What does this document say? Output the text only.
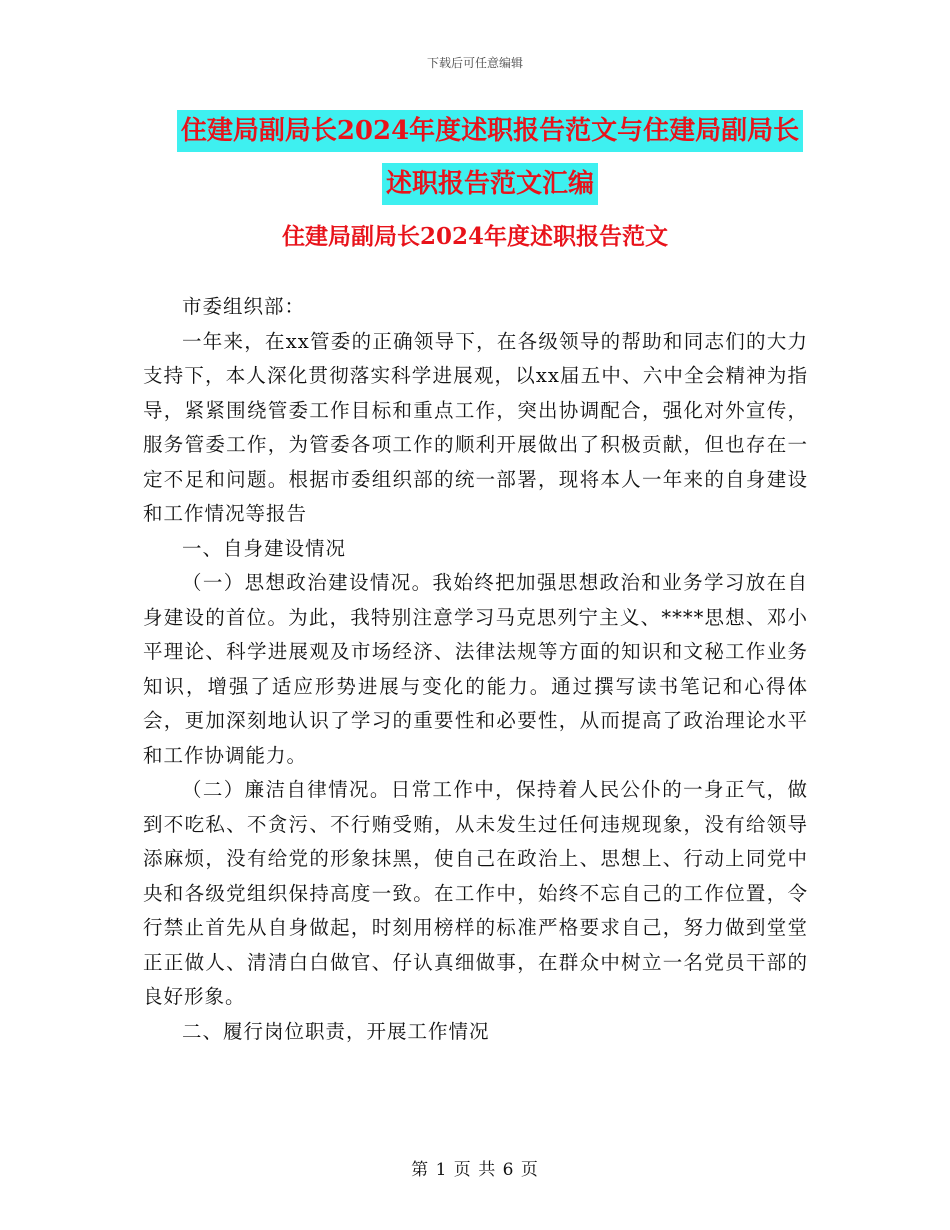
下载后可任意编辑
住建局副局长2024年度述职报告范文与住建局副局长
述职报告范文汇编
住建局副局长2024年度述职报告范文

市委组织部：

一年来，在xx管委的正确领导下，在各级领导的帮助和同志们的大力支持下，本人深化贯彻落实科学进展观，以xx届五中、六中全会精神为指导，紧紧围绕管委工作目标和重点工作，突出协调配合，强化对外宣传，服务管委工作，为管委各项工作的顺利开展做出了积极贡献，但也存在一定不足和问题。根据市委组织部的统一部署，现将本人一年来的自身建设和工作情况等报告

一、自身建设情况

（一）思想政治建设情况。我始终把加强思想政治和业务学习放在自身建设的首位。为此，我特别注意学习马克思列宁主义、****思想、邓小平理论、科学进展观及市场经济、法律法规等方面的知识和文秘工作业务知识，增强了适应形势进展与变化的能力。通过撰写读书笔记和心得体会，更加深刻地认识了学习的重要性和必要性，从而提高了政治理论水平和工作协调能力。

（二）廉洁自律情况。日常工作中，保持着人民公仆的一身正气，做到不吃私、不贪污、不行贿受贿，从未发生过任何违规现象，没有给领导添麻烦，没有给党的形象抹黑，使自己在政治上、思想上、行动上同党中央和各级党组织保持高度一致。在工作中，始终不忘自己的工作位置，令行禁止首先从自身做起，时刻用榜样的标准严格要求自己，努力做到堂堂正正做人、清清白白做官、仔认真细做事，在群众中树立一名党员干部的良好形象。

二、履行岗位职责，开展工作情况

第 1 页 共 6 页
